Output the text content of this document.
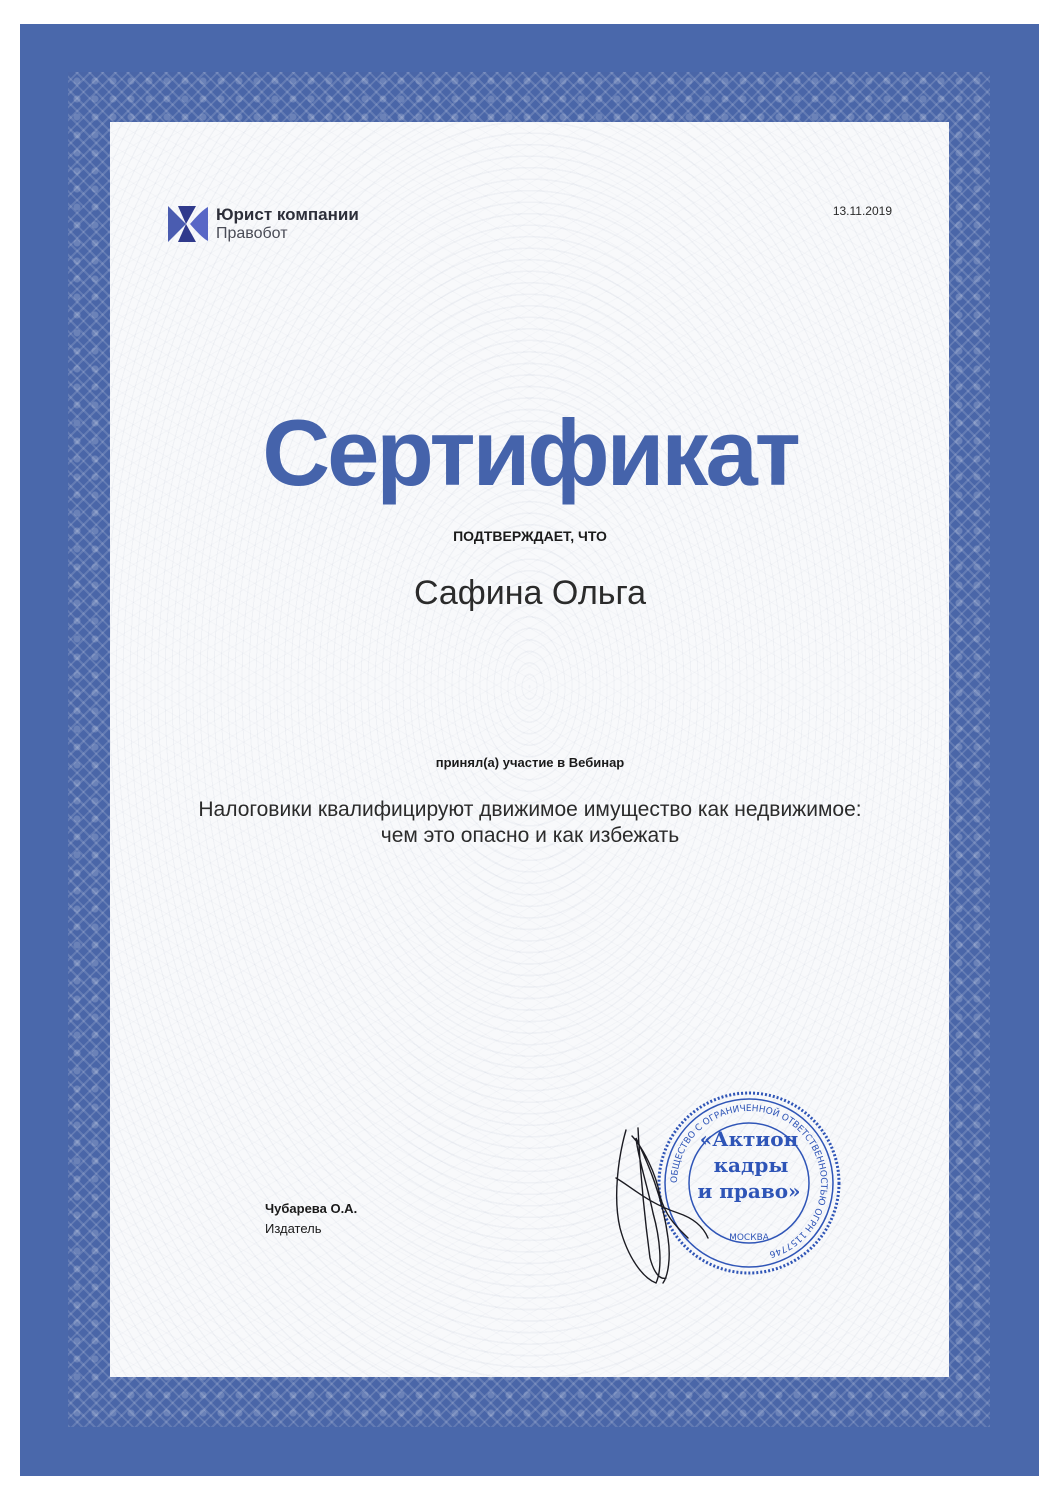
Юрист компании
Правобот
13.11.2019
Сертификат
ПОДТВЕРЖДАЕТ, ЧТО
Сафина Ольга
принял(а) участие в Вебинар
Налоговики квалифицируют движимое имущество как недвижимое: чем это опасно и как избежать
Чубарева О.А.
Издатель
ОБЩЕСТВО С ОГРАНИЧЕННОЙ ОТВЕТСТВЕННОСТЬЮ ОГРН 1157746
«Актион
кадры
и право»
МОСКВА
